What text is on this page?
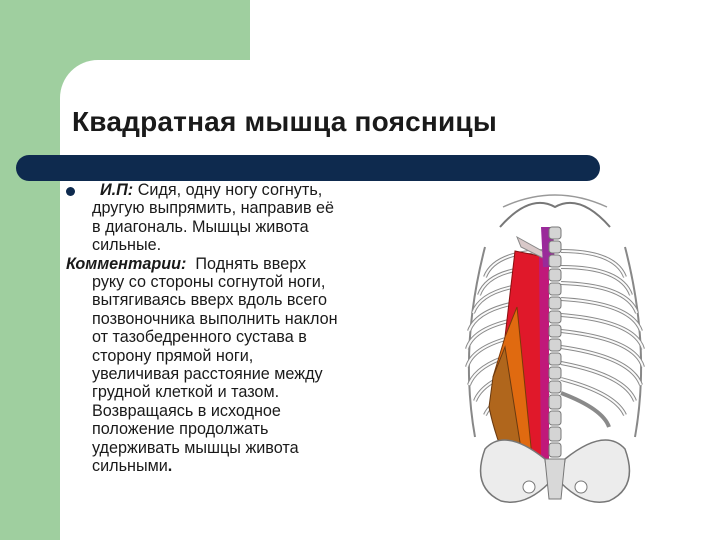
Квадратная мышца поясницы

И.П: Сидя, одну ногу согнуть,
другую выпрямить, направив её
в диагональ. Мышцы живота
сильные.

Комментарии: Поднять вверх
руку со стороны согнутой ноги,
вытягиваясь вверх вдоль всего
позвоночника выполнить наклон
от тазобедренного сустава в
сторону прямой ноги,
увеличивая расстояние между
грудной клеткой и тазом.
Возвращаясь в исходное
положение продолжать
удерживать мышцы живота
сильными.
